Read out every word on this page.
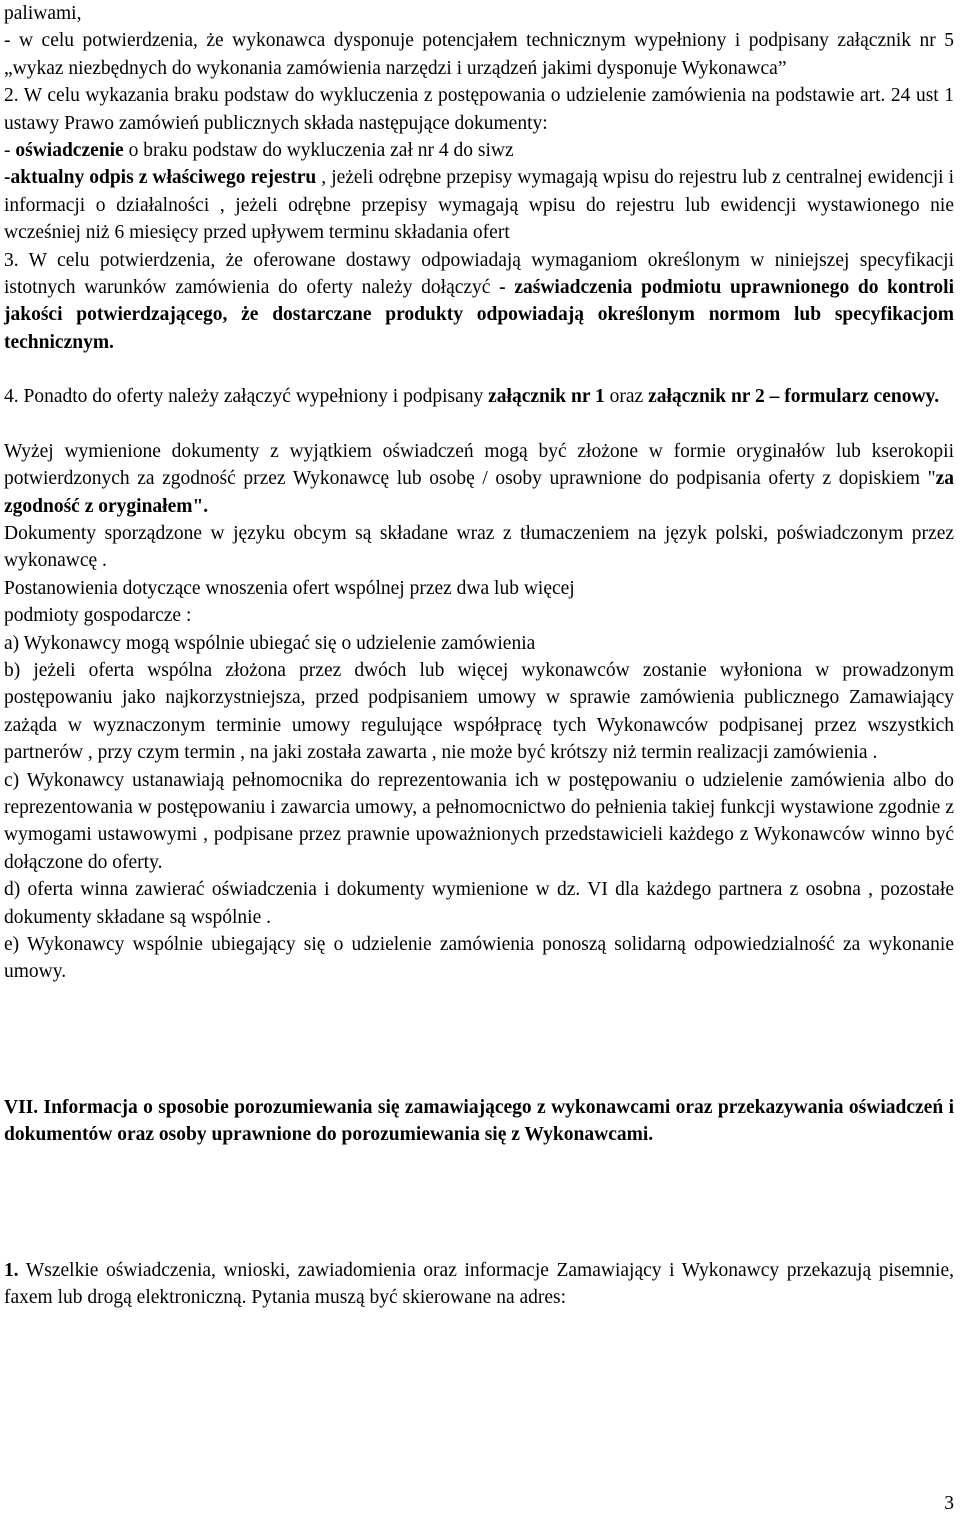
paliwami,

- w celu potwierdzenia, że wykonawca dysponuje potencjałem technicznym wypełniony i podpisany załącznik nr 5 „wykaz niezbędnych do wykonania zamówienia narzędzi i urządzeń jakimi dysponuje Wykonawca”

2. W celu wykazania braku podstaw do wykluczenia z postępowania o udzielenie zamówienia na podstawie art. 24 ust 1 ustawy Prawo zamówień publicznych składa następujące dokumenty:

- oświadczenie o braku podstaw do wykluczenia zał nr 4 do siwz

-aktualny odpis z właściwego rejestru , jeżeli odrębne przepisy wymagają wpisu do rejestru lub z centralnej ewidencji i informacji o działalności , jeżeli odrębne przepisy wymagają wpisu do rejestru lub ewidencji wystawionego nie wcześniej niż 6 miesięcy przed upływem terminu składania ofert

3. W celu potwierdzenia, że oferowane dostawy odpowiadają wymaganiom określonym w niniejszej specyfikacji istotnych warunków zamówienia do oferty należy dołączyć - zaświadczenia podmiotu uprawnionego do kontroli jakości potwierdzającego, że dostarczane produkty odpowiadają określonym normom lub specyfikacjom technicznym.

4. Ponadto do oferty należy załączyć wypełniony i podpisany załącznik nr 1 oraz załącznik nr 2 – formularz cenowy.

Wyżej wymienione dokumenty z wyjątkiem oświadczeń mogą być złożone w formie oryginałów lub kserokopii potwierdzonych za zgodność przez Wykonawcę lub osobę / osoby uprawnione do podpisania oferty z dopiskiem "za zgodność z oryginałem".

Dokumenty sporządzone w języku obcym są składane wraz z tłumaczeniem na język polski, poświadczonym przez wykonawcę .

Postanowienia dotyczące wnoszenia ofert wspólnej przez dwa lub więcej

podmioty gospodarcze :

a) Wykonawcy mogą wspólnie ubiegać się o udzielenie zamówienia

b) jeżeli oferta wspólna złożona przez dwóch lub więcej wykonawców zostanie wyłoniona w prowadzonym postępowaniu jako najkorzystniejsza, przed podpisaniem umowy w sprawie zamówienia publicznego Zamawiający zażąda w wyznaczonym terminie umowy regulujące współpracę tych Wykonawców podpisanej przez wszystkich partnerów , przy czym termin , na jaki została zawarta , nie może być krótszy niż termin realizacji zamówienia .

c) Wykonawcy ustanawiają pełnomocnika do reprezentowania ich w postępowaniu o udzielenie zamówienia albo do reprezentowania w postępowaniu i zawarcia umowy, a pełnomocnictwo do pełnienia takiej funkcji wystawione zgodnie z wymogami ustawowymi , podpisane przez prawnie upoważnionych przedstawicieli każdego z Wykonawców winno być dołączone do oferty.

d) oferta winna zawierać oświadczenia i dokumenty wymienione w dz. VI dla każdego partnera z osobna , pozostałe dokumenty składane są wspólnie .

e) Wykonawcy wspólnie ubiegający się o udzielenie zamówienia ponoszą solidarną odpowiedzialność za wykonanie umowy.

VII. Informacja o sposobie porozumiewania się zamawiającego z wykonawcami oraz przekazywania oświadczeń i dokumentów oraz osoby uprawnione do porozumiewania się z Wykonawcami.

1. Wszelkie oświadczenia, wnioski, zawiadomienia oraz informacje Zamawiający i Wykonawcy przekazują pisemnie, faxem lub drogą elektroniczną. Pytania muszą być skierowane na adres:

3
